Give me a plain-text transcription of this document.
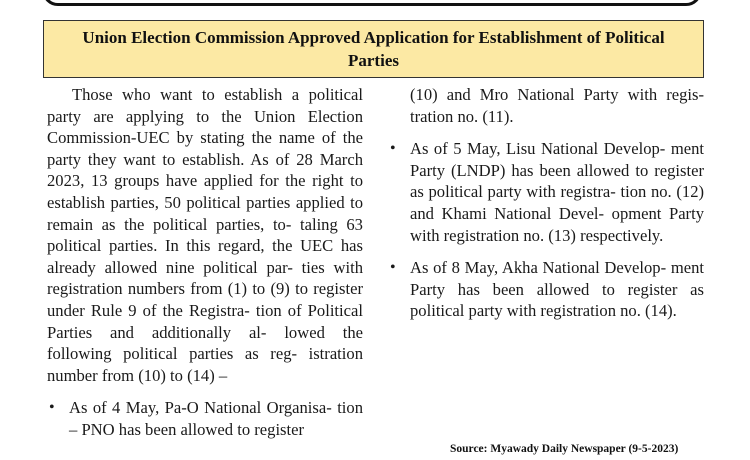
Union Election Commission Approved Application for Establishment of Political
Parties

Those who want to establish a political party are applying to the Union Election Commission-UEC by stating the name of the party they want to establish. As of 28 March 2023, 13 groups have applied for the right to establish parties, 50 political parties applied to remain as the political parties, to- taling 63 political parties. In this regard, the UEC has already allowed nine political par- ties with registration numbers from (1) to (9) to register under Rule 9 of the Registra- tion of Political Parties and additionally al- lowed the following political parties as reg- istration number from (10) to (14) –

• As of 4 May, Pa-O National Organisa- tion – PNO has been allowed to register

(10) and Mro National Party with regis- tration no. (11).

• As of 5 May, Lisu National Develop- ment Party (LNDP) has been allowed to register as political party with registra- tion no. (12) and Khami National Devel- opment Party with registration no. (13) respectively.
• As of 8 May, Akha National Develop- ment Party has been allowed to register as political party with registration no. (14).
Source: Myawady Daily Newspaper (9-5-2023)
